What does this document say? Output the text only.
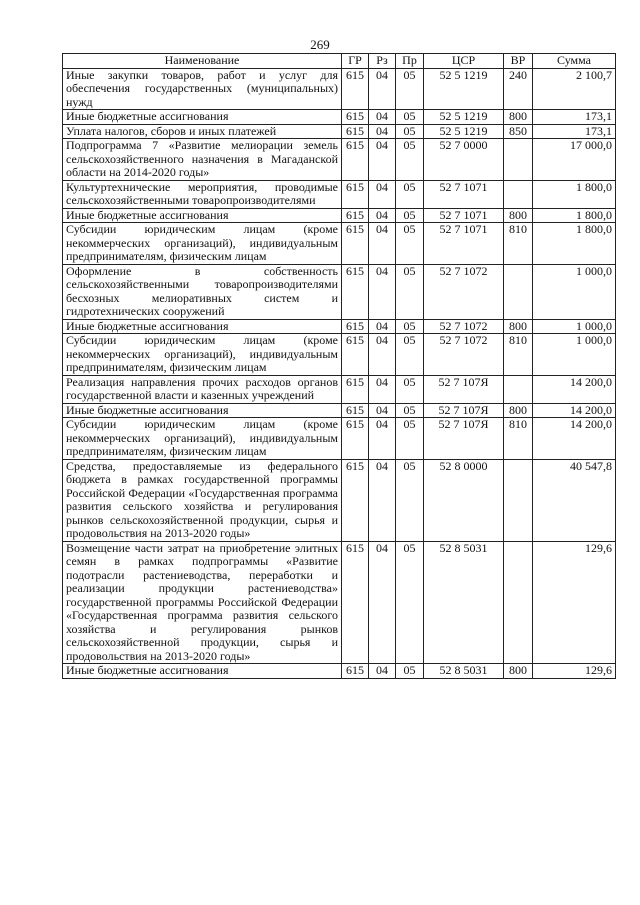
269
Наименование	ГР	Рз	Пр	ЦСР	ВР	Сумма
Иные закупки товаров, работ и услуг для обеспечения государственных (муниципальных) нужд	615	04	05	52 5 1219	240	2 100,7
Иные бюджетные ассигнования	615	04	05	52 5 1219	800	173,1
Уплата налогов, сборов и иных платежей	615	04	05	52 5 1219	850	173,1
Подпрограмма 7 «Развитие мелиорации земель сельскохозяйственного назначения в Магаданской области на 2014-2020 годы»	615	04	05	52 7 0000		17 000,0
Культуртехнические мероприятия, проводимые сельскохозяйственными товаропроизводителями	615	04	05	52 7 1071		1 800,0
Иные бюджетные ассигнования	615	04	05	52 7 1071	800	1 800,0
Субсидии юридическим лицам (кроме некоммерческих организаций), индивидуальным предпринимателям, физическим лицам	615	04	05	52 7 1071	810	1 800,0
Оформление в собственность сельскохозяйственными товаропроизводителями бесхозных мелиоративных систем и гидротехнических сооружений	615	04	05	52 7 1072		1 000,0
Иные бюджетные ассигнования	615	04	05	52 7 1072	800	1 000,0
Субсидии юридическим лицам (кроме некоммерческих организаций), индивидуальным предпринимателям, физическим лицам	615	04	05	52 7 1072	810	1 000,0
Реализация направления прочих расходов органов государственной власти и казенных учреждений	615	04	05	52 7 107Я		14 200,0
Иные бюджетные ассигнования	615	04	05	52 7 107Я	800	14 200,0
Субсидии юридическим лицам (кроме некоммерческих организаций), индивидуальным предпринимателям, физическим лицам	615	04	05	52 7 107Я	810	14 200,0
Средства, предоставляемые из федерального бюджета в рамках государственной программы Российской Федерации «Государственная программа развития сельского хозяйства и регулирования рынков сельскохозяйственной продукции, сырья и продовольствия на 2013-2020 годы»	615	04	05	52 8 0000		40 547,8
Возмещение части затрат на приобретение элитных семян в рамках подпрограммы «Развитие подотрасли растениеводства, переработки и реализации продукции растениеводства» государственной программы Российской Федерации «Государственная программа развития сельского хозяйства и регулирования рынков сельскохозяйственной продукции, сырья и продовольствия на 2013-2020 годы»	615	04	05	52 8 5031		129,6
Иные бюджетные ассигнования	615	04	05	52 8 5031	800	129,6
